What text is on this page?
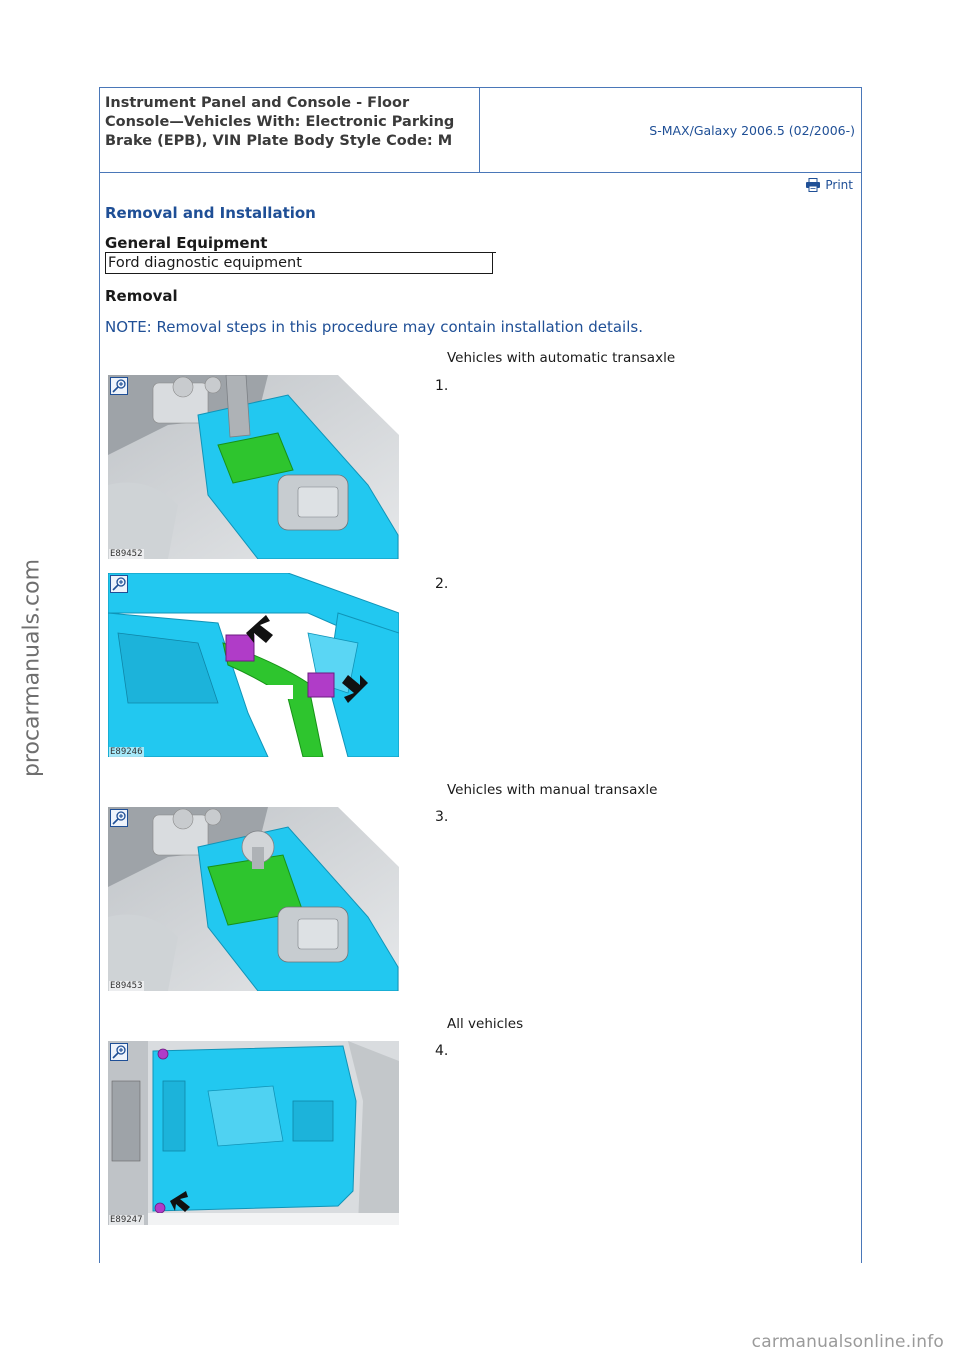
procarmanuals.com
Instrument Panel and Console - Floor Console—Vehicles With: Electronic Parking Brake (EPB), VIN Plate Body Style Code: M
S-MAX/Galaxy 2006.5 (02/2006-)
Print
Removal and Installation
General Equipment
Ford diagnostic equipment
Removal
NOTE: Removal steps in this procedure may contain installation details.
Vehicles with automatic transaxle
1.
E89452
2.
E89246
Vehicles with manual transaxle
3.
E89453
All vehicles
4.
E89247
carmanualsonline.info
